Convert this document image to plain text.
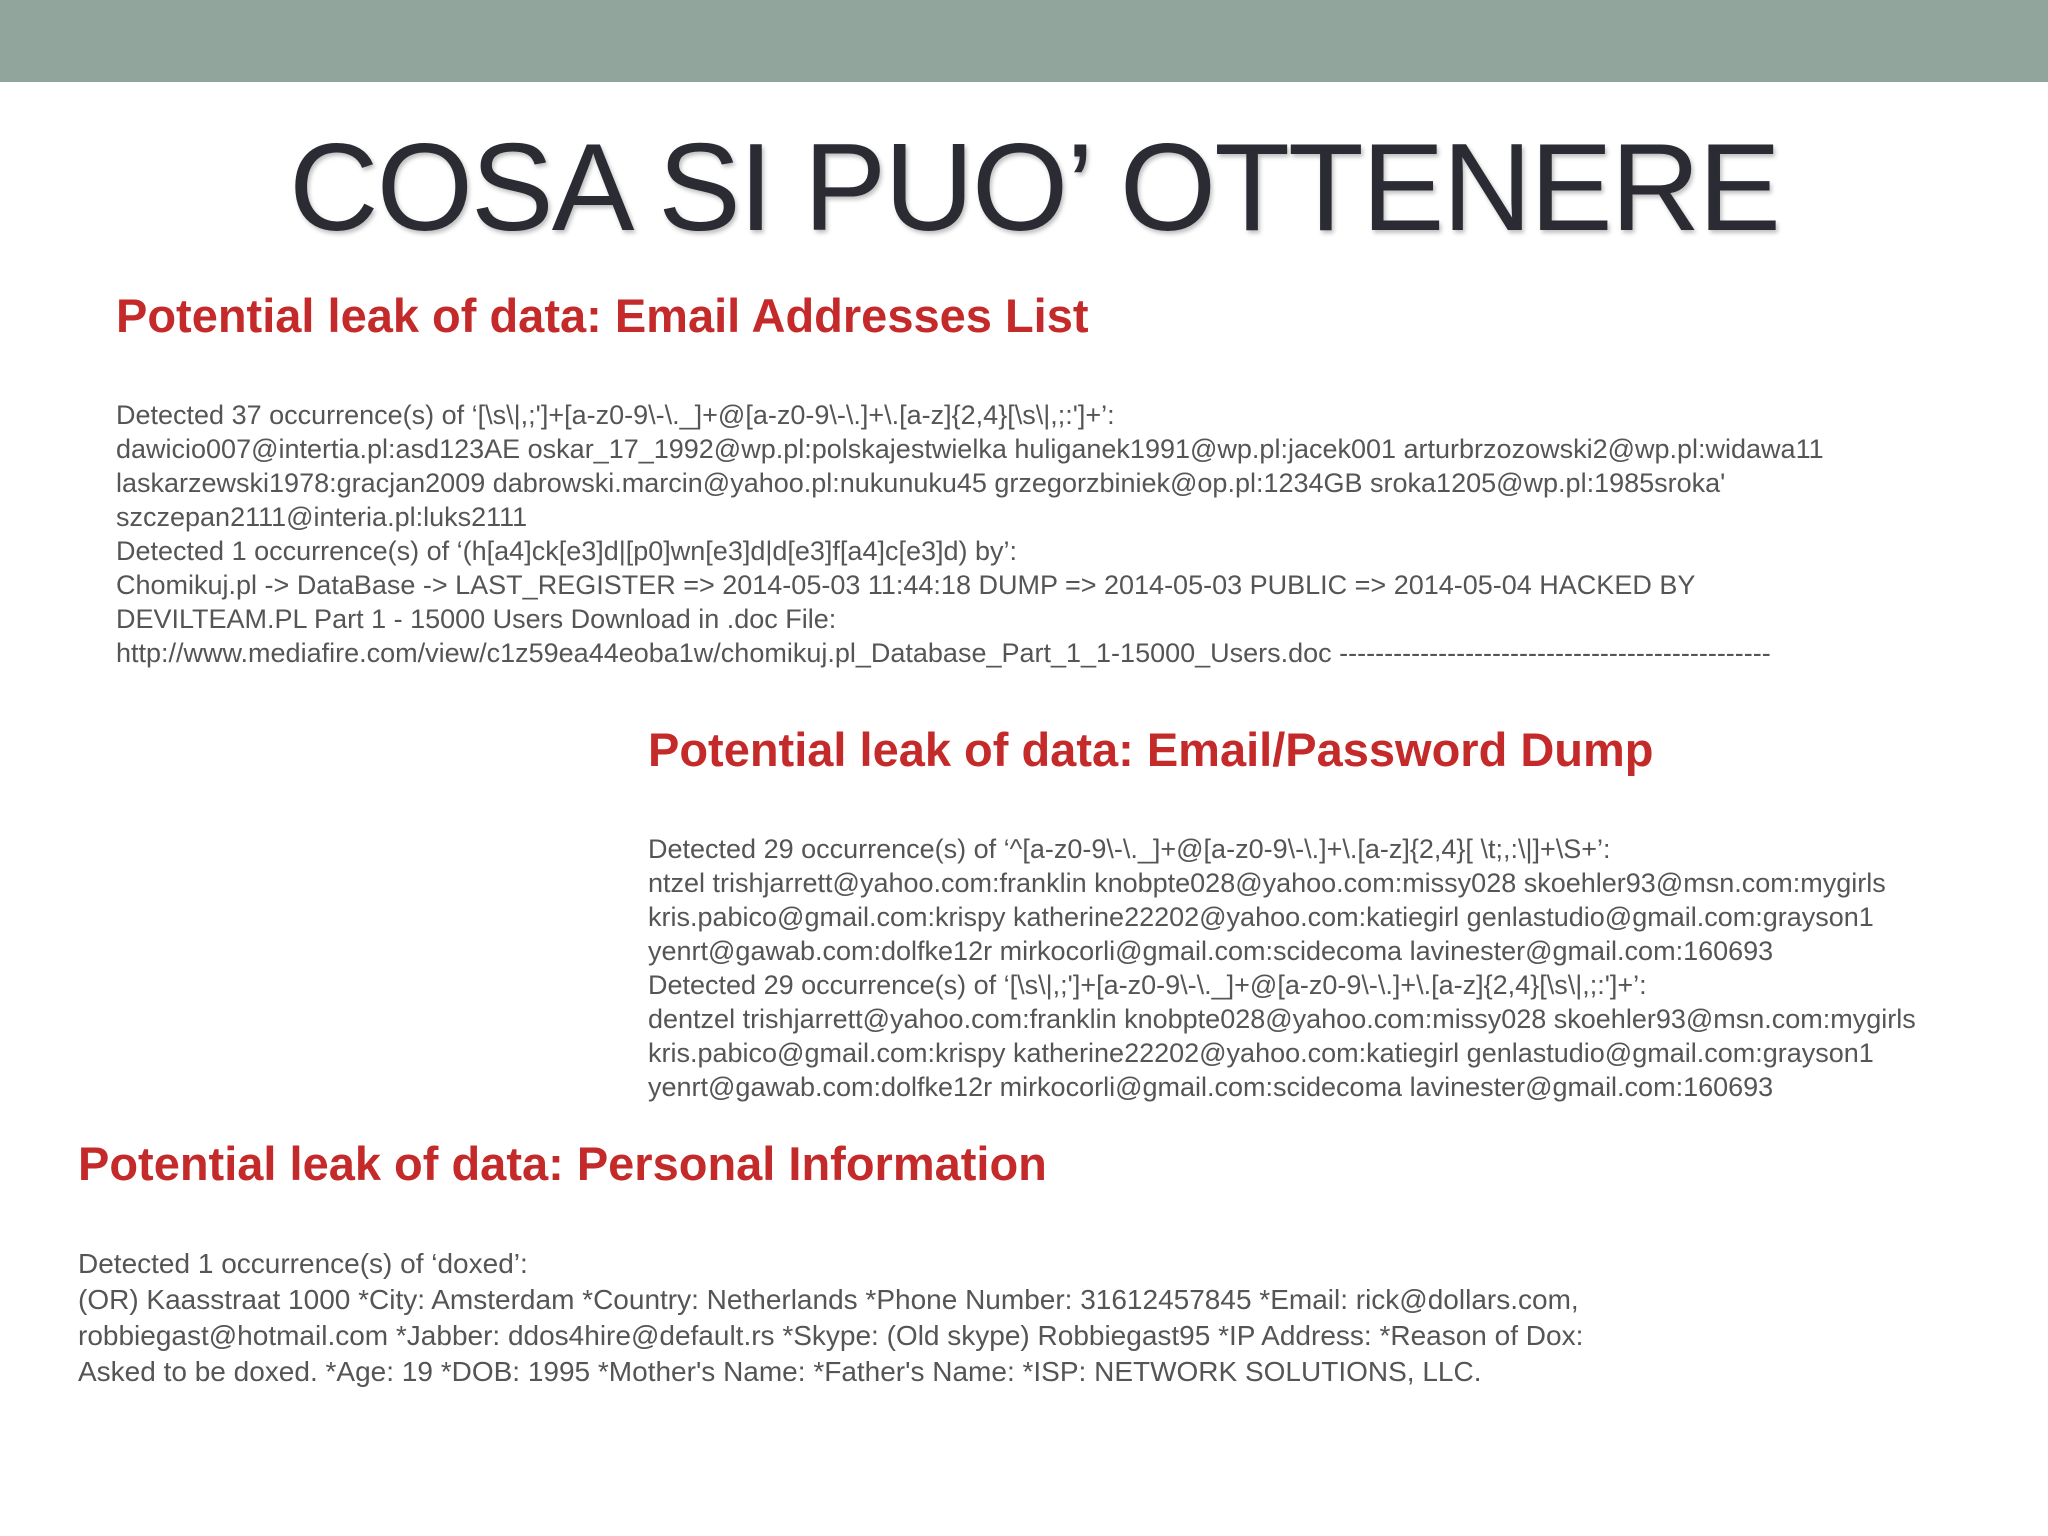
COSA SI PUO’ OTTENERE
Potential leak of data: Email Addresses List
Detected 37 occurrence(s) of ‘[\s\|,;']+[a-z0-9\-\._]+@[a-z0-9\-\.]+\.[a-z]{2,4}[\s\|,;:']+’:
dawicio007@intertia.pl:asd123AE oskar_17_1992@wp.pl:polskajestwielka huliganek1991@wp.pl:jacek001 arturbrzozowski2@wp.pl:widawa11
laskarzewski1978:gracjan2009 dabrowski.marcin@yahoo.pl:nukunuku45 grzegorzbiniek@op.pl:1234GB sroka1205@wp.pl:1985sroka'
szczepan2111@interia.pl:luks2111
Detected 1 occurrence(s) of ‘(h[a4]ck[e3]d|[p0]wn[e3]d|d[e3]f[a4]c[e3]d) by’:
Chomikuj.pl -> DataBase -> LAST_REGISTER => 2014-05-03 11:44:18 DUMP => 2014-05-03 PUBLIC => 2014-05-04 HACKED BY
DEVILTEAM.PL Part 1 - 15000 Users Download in .doc File:
http://www.mediafire.com/view/c1z59ea44eoba1w/chomikuj.pl_Database_Part_1_1-15000_Users.doc ------------------------------------------------
Potential leak of data: Email/Password Dump
Detected 29 occurrence(s) of ‘^[a-z0-9\-\._]+@[a-z0-9\-\.]+\.[a-z]{2,4}[ \t;,:\|]+\S+’:
ntzel trishjarrett@yahoo.com:franklin knobpte028@yahoo.com:missy028 skoehler93@msn.com:mygirls
kris.pabico@gmail.com:krispy katherine22202@yahoo.com:katiegirl genlastudio@gmail.com:grayson1
yenrt@gawab.com:dolfke12r mirkocorli@gmail.com:scidecoma lavinester@gmail.com:160693
Detected 29 occurrence(s) of ‘[\s\|,;']+[a-z0-9\-\._]+@[a-z0-9\-\.]+\.[a-z]{2,4}[\s\|,;:']+’:
dentzel trishjarrett@yahoo.com:franklin knobpte028@yahoo.com:missy028 skoehler93@msn.com:mygirls
kris.pabico@gmail.com:krispy katherine22202@yahoo.com:katiegirl genlastudio@gmail.com:grayson1
yenrt@gawab.com:dolfke12r mirkocorli@gmail.com:scidecoma lavinester@gmail.com:160693
Potential leak of data: Personal Information
Detected 1 occurrence(s) of ‘doxed’:
(OR) Kaasstraat 1000 *City: Amsterdam *Country: Netherlands *Phone Number: 31612457845 *Email: rick@dollars.com,
robbiegast@hotmail.com *Jabber: ddos4hire@default.rs *Skype: (Old skype) Robbiegast95 *IP Address: *Reason of Dox:
Asked to be doxed. *Age: 19 *DOB: 1995 *Mother's Name: *Father's Name: *ISP: NETWORK SOLUTIONS, LLC.
